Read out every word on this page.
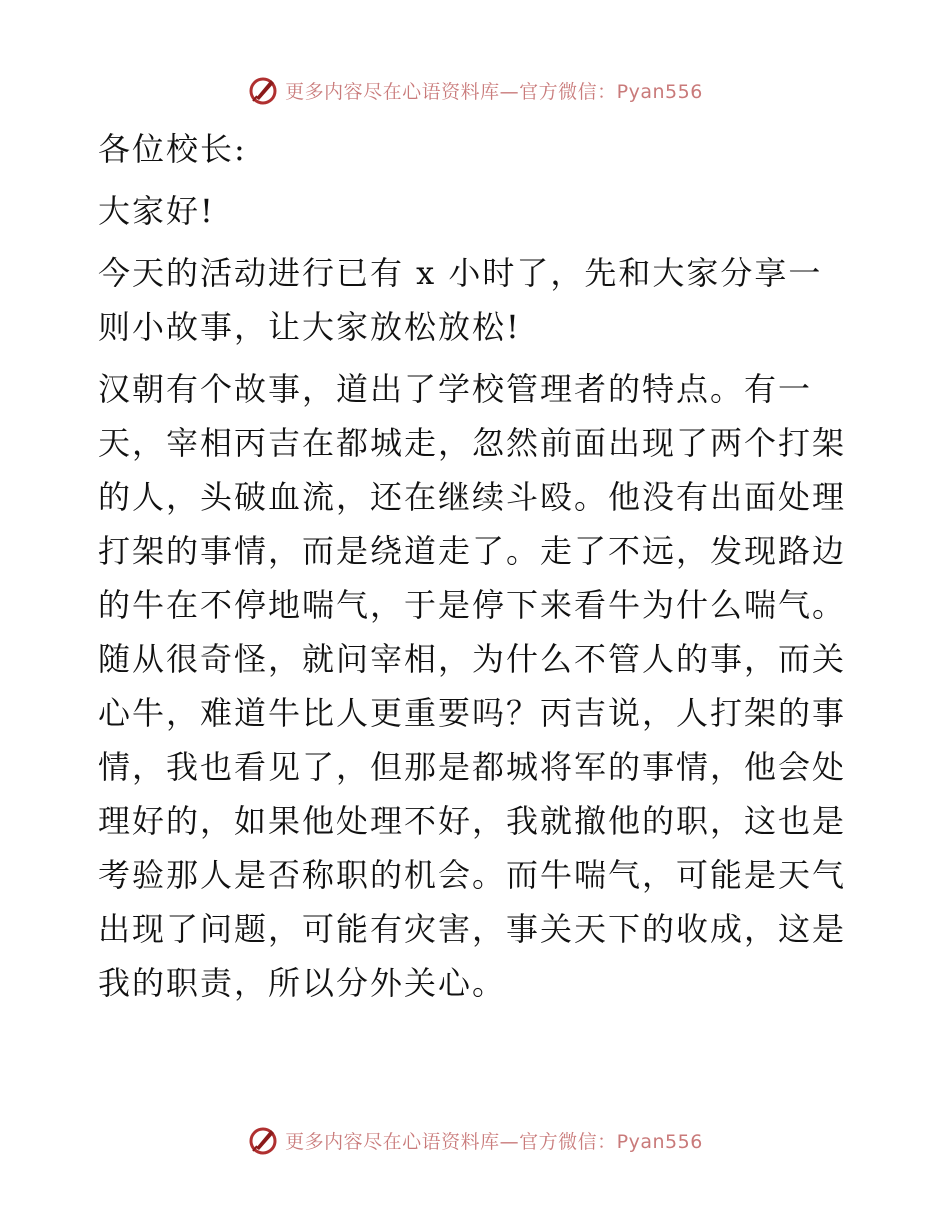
更多内容尽在心语资料库—官方微信：Pyan556
各位校长:
大家好!
今天的活动进行已有 x 小时了，先和大家分享一
则小故事，让大家放松放松!
汉朝有个故事，道出了学校管理者的特点。有一
天，宰相丙吉在都城走，忽然前面出现了两个打架
的人，头破血流，还在继续斗殴。他没有出面处理
打架的事情，而是绕道走了。走了不远，发现路边
的牛在不停地喘气，于是停下来看牛为什么喘气。
随从很奇怪，就问宰相，为什么不管人的事，而关
心牛，难道牛比人更重要吗？丙吉说，人打架的事
情，我也看见了，但那是都城将军的事情，他会处
理好的，如果他处理不好，我就撤他的职，这也是
考验那人是否称职的机会。而牛喘气，可能是天气
出现了问题，可能有灾害，事关天下的收成，这是
我的职责，所以分外关心。
更多内容尽在心语资料库—官方微信：Pyan556
